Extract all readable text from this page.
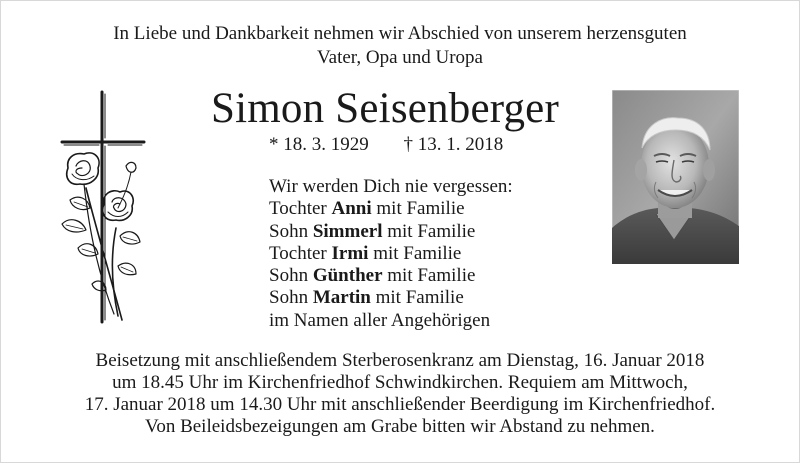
In Liebe und Dankbarkeit nehmen wir Abschied von unserem herzensguten
Vater, Opa und Uropa
Simon Seisenberger
* 18. 3. 1929 † 13. 1. 2018
Wir werden Dich nie vergessen:
Tochter Anni mit Familie
Sohn Simmerl mit Familie
Tochter Irmi mit Familie
Sohn Günther mit Familie
Sohn Martin mit Familie
im Namen aller Angehörigen
Beisetzung mit anschließendem Sterberosenkranz am Dienstag, 16. Januar 2018
um 18.45 Uhr im Kirchenfriedhof Schwindkirchen. Requiem am Mittwoch,
17. Januar 2018 um 14.30 Uhr mit anschließender Beerdigung im Kirchenfriedhof.
Von Beileidsbezeigungen am Grabe bitten wir Abstand zu nehmen.
